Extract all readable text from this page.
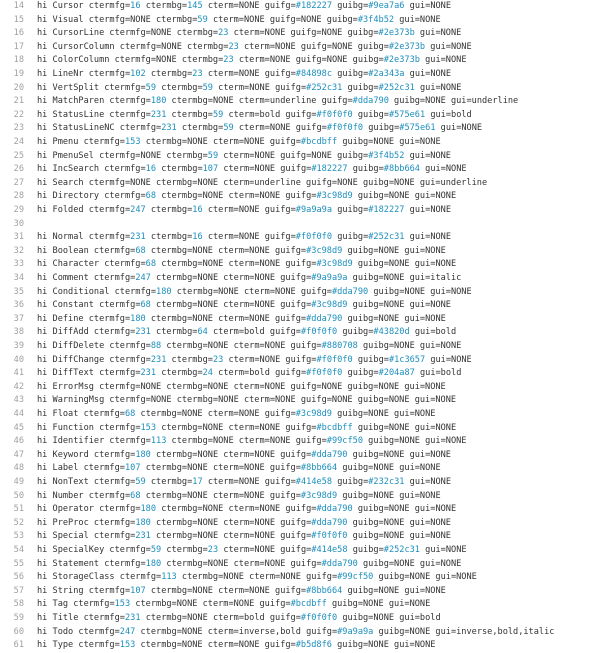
14 hi Cursor ctermfg=16 ctermbg=145 cterm=NONE guifg=#182227 guibg=#9ea7a6 gui=NONE
15 hi Visual ctermfg=NONE ctermbg=59 cterm=NONE guifg=NONE guibg=#3f4b52 gui=NONE
16 hi CursorLine ctermfg=NONE ctermbg=23 cterm=NONE guifg=NONE guibg=#2e373b gui=NONE
17 hi CursorColumn ctermfg=NONE ctermbg=23 cterm=NONE guifg=NONE guibg=#2e373b gui=NONE
18 hi ColorColumn ctermfg=NONE ctermbg=23 cterm=NONE guifg=NONE guibg=#2e373b gui=NONE
19 hi LineNr ctermfg=102 ctermbg=23 cterm=NONE guifg=#84898c guibg=#2a343a gui=NONE
20 hi VertSplit ctermfg=59 ctermbg=59 cterm=NONE guifg=#252c31 guibg=#252c31 gui=NONE
21 hi MatchParen ctermfg=180 ctermbg=NONE cterm=underline guifg=#dda790 guibg=NONE gui=underline
22 hi StatusLine ctermfg=231 ctermbg=59 cterm=bold guifg=#f0f0f0 guibg=#575e61 gui=bold
23 hi StatusLineNC ctermfg=231 ctermbg=59 cterm=NONE guifg=#f0f0f0 guibg=#575e61 gui=NONE
24 hi Pmenu ctermfg=153 ctermbg=NONE cterm=NONE guifg=#bcdbff guibg=NONE gui=NONE
25 hi PmenuSel ctermfg=NONE ctermbg=59 cterm=NONE guifg=NONE guibg=#3f4b52 gui=NONE
26 hi IncSearch ctermfg=16 ctermbg=107 cterm=NONE guifg=#182227 guibg=#8bb664 gui=NONE
27 hi Search ctermfg=NONE ctermbg=NONE cterm=underline guifg=NONE guibg=NONE gui=underline
28 hi Directory ctermfg=68 ctermbg=NONE cterm=NONE guifg=#3c98d9 guibg=NONE gui=NONE
29 hi Folded ctermfg=247 ctermbg=16 cterm=NONE guifg=#9a9a9a guibg=#182227 gui=NONE
30
31 hi Normal ctermfg=231 ctermbg=16 cterm=NONE guifg=#f0f0f0 guibg=#252c31 gui=NONE
32 hi Boolean ctermfg=68 ctermbg=NONE cterm=NONE guifg=#3c98d9 guibg=NONE gui=NONE
33 hi Character ctermfg=68 ctermbg=NONE cterm=NONE guifg=#3c98d9 guibg=NONE gui=NONE
34 hi Comment ctermfg=247 ctermbg=NONE cterm=NONE guifg=#9a9a9a guibg=NONE gui=italic
35 hi Conditional ctermfg=180 ctermbg=NONE cterm=NONE guifg=#dda790 guibg=NONE gui=NONE
36 hi Constant ctermfg=68 ctermbg=NONE cterm=NONE guifg=#3c98d9 guibg=NONE gui=NONE
37 hi Define ctermfg=180 ctermbg=NONE cterm=NONE guifg=#dda790 guibg=NONE gui=NONE
38 hi DiffAdd ctermfg=231 ctermbg=64 cterm=bold guifg=#f0f0f0 guibg=#43820d gui=bold
39 hi DiffDelete ctermfg=88 ctermbg=NONE cterm=NONE guifg=#880708 guibg=NONE gui=NONE
40 hi DiffChange ctermfg=231 ctermbg=23 cterm=NONE guifg=#f0f0f0 guibg=#1c3657 gui=NONE
41 hi DiffText ctermfg=231 ctermbg=24 cterm=bold guifg=#f0f0f0 guibg=#204a87 gui=bold
42 hi ErrorMsg ctermfg=NONE ctermbg=NONE cterm=NONE guifg=NONE guibg=NONE gui=NONE
43 hi WarningMsg ctermfg=NONE ctermbg=NONE cterm=NONE guifg=NONE guibg=NONE gui=NONE
44 hi Float ctermfg=68 ctermbg=NONE cterm=NONE guifg=#3c98d9 guibg=NONE gui=NONE
45 hi Function ctermfg=153 ctermbg=NONE cterm=NONE guifg=#bcdbff guibg=NONE gui=NONE
46 hi Identifier ctermfg=113 ctermbg=NONE cterm=NONE guifg=#99cf50 guibg=NONE gui=NONE
47 hi Keyword ctermfg=180 ctermbg=NONE cterm=NONE guifg=#dda790 guibg=NONE gui=NONE
48 hi Label ctermfg=107 ctermbg=NONE cterm=NONE guifg=#8bb664 guibg=NONE gui=NONE
49 hi NonText ctermfg=59 ctermbg=17 cterm=NONE guifg=#414e58 guibg=#232c31 gui=NONE
50 hi Number ctermfg=68 ctermbg=NONE cterm=NONE guifg=#3c98d9 guibg=NONE gui=NONE
51 hi Operator ctermfg=180 ctermbg=NONE cterm=NONE guifg=#dda790 guibg=NONE gui=NONE
52 hi PreProc ctermfg=180 ctermbg=NONE cterm=NONE guifg=#dda790 guibg=NONE gui=NONE
53 hi Special ctermfg=231 ctermbg=NONE cterm=NONE guifg=#f0f0f0 guibg=NONE gui=NONE
54 hi SpecialKey ctermfg=59 ctermbg=23 cterm=NONE guifg=#414e58 guibg=#252c31 gui=NONE
55 hi Statement ctermfg=180 ctermbg=NONE cterm=NONE guifg=#dda790 guibg=NONE gui=NONE
56 hi StorageClass ctermfg=113 ctermbg=NONE cterm=NONE guifg=#99cf50 guibg=NONE gui=NONE
57 hi String ctermfg=107 ctermbg=NONE cterm=NONE guifg=#8bb664 guibg=NONE gui=NONE
58 hi Tag ctermfg=153 ctermbg=NONE cterm=NONE guifg=#bcdbff guibg=NONE gui=NONE
59 hi Title ctermfg=231 ctermbg=NONE cterm=bold guifg=#f0f0f0 guibg=NONE gui=bold
60 hi Todo ctermfg=247 ctermbg=NONE cterm=inverse,bold guifg=#9a9a9a guibg=NONE gui=inverse,bold,italic
61 hi Type ctermfg=153 ctermbg=NONE cterm=NONE guifg=#b5d8f6 guibg=NONE gui=NONE
